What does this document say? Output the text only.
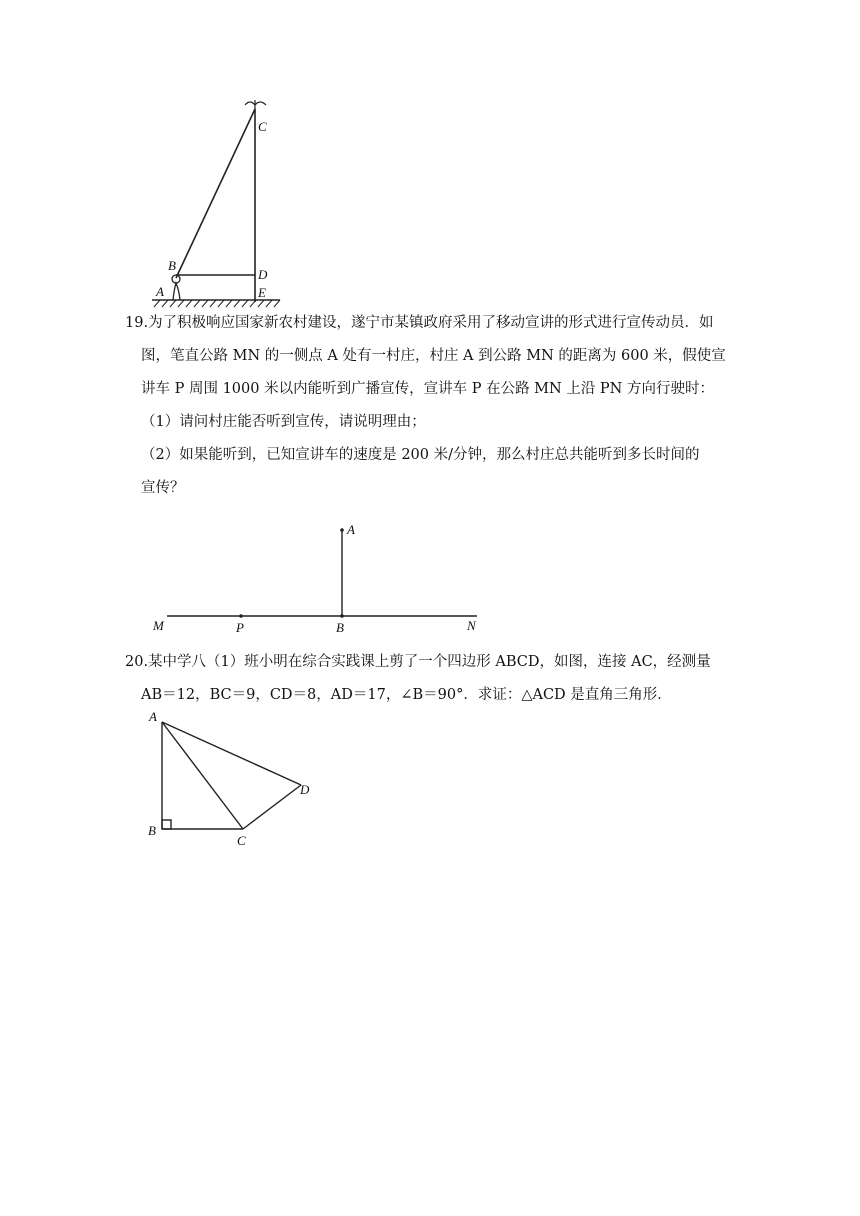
C
B
D
A	E
19.为了积极响应国家新农村建设，遂宁市某镇政府采用了移动宣讲的形式进行宣传动员．如
图，笔直公路 MN 的一侧点 A 处有一村庄，村庄 A 到公路 MN 的距离为 600 米，假使宣
讲车 P 周围 1000 米以内能听到广播宣传，宣讲车 P 在公路 MN 上沿 PN 方向行驶时：
（1）请问村庄能否听到宣传，请说明理由；
（2）如果能听到，已知宣讲车的速度是 200 米/分钟，那么村庄总共能听到多长时间的
宣传？
A
M	P	B	N
20.某中学八（1）班小明在综合实践课上剪了一个四边形 ABCD，如图，连接 AC，经测量
AB＝12，BC＝9，CD＝8，AD＝17，∠B＝90°．求证：△ACD 是直角三角形．
A
B
C
D
